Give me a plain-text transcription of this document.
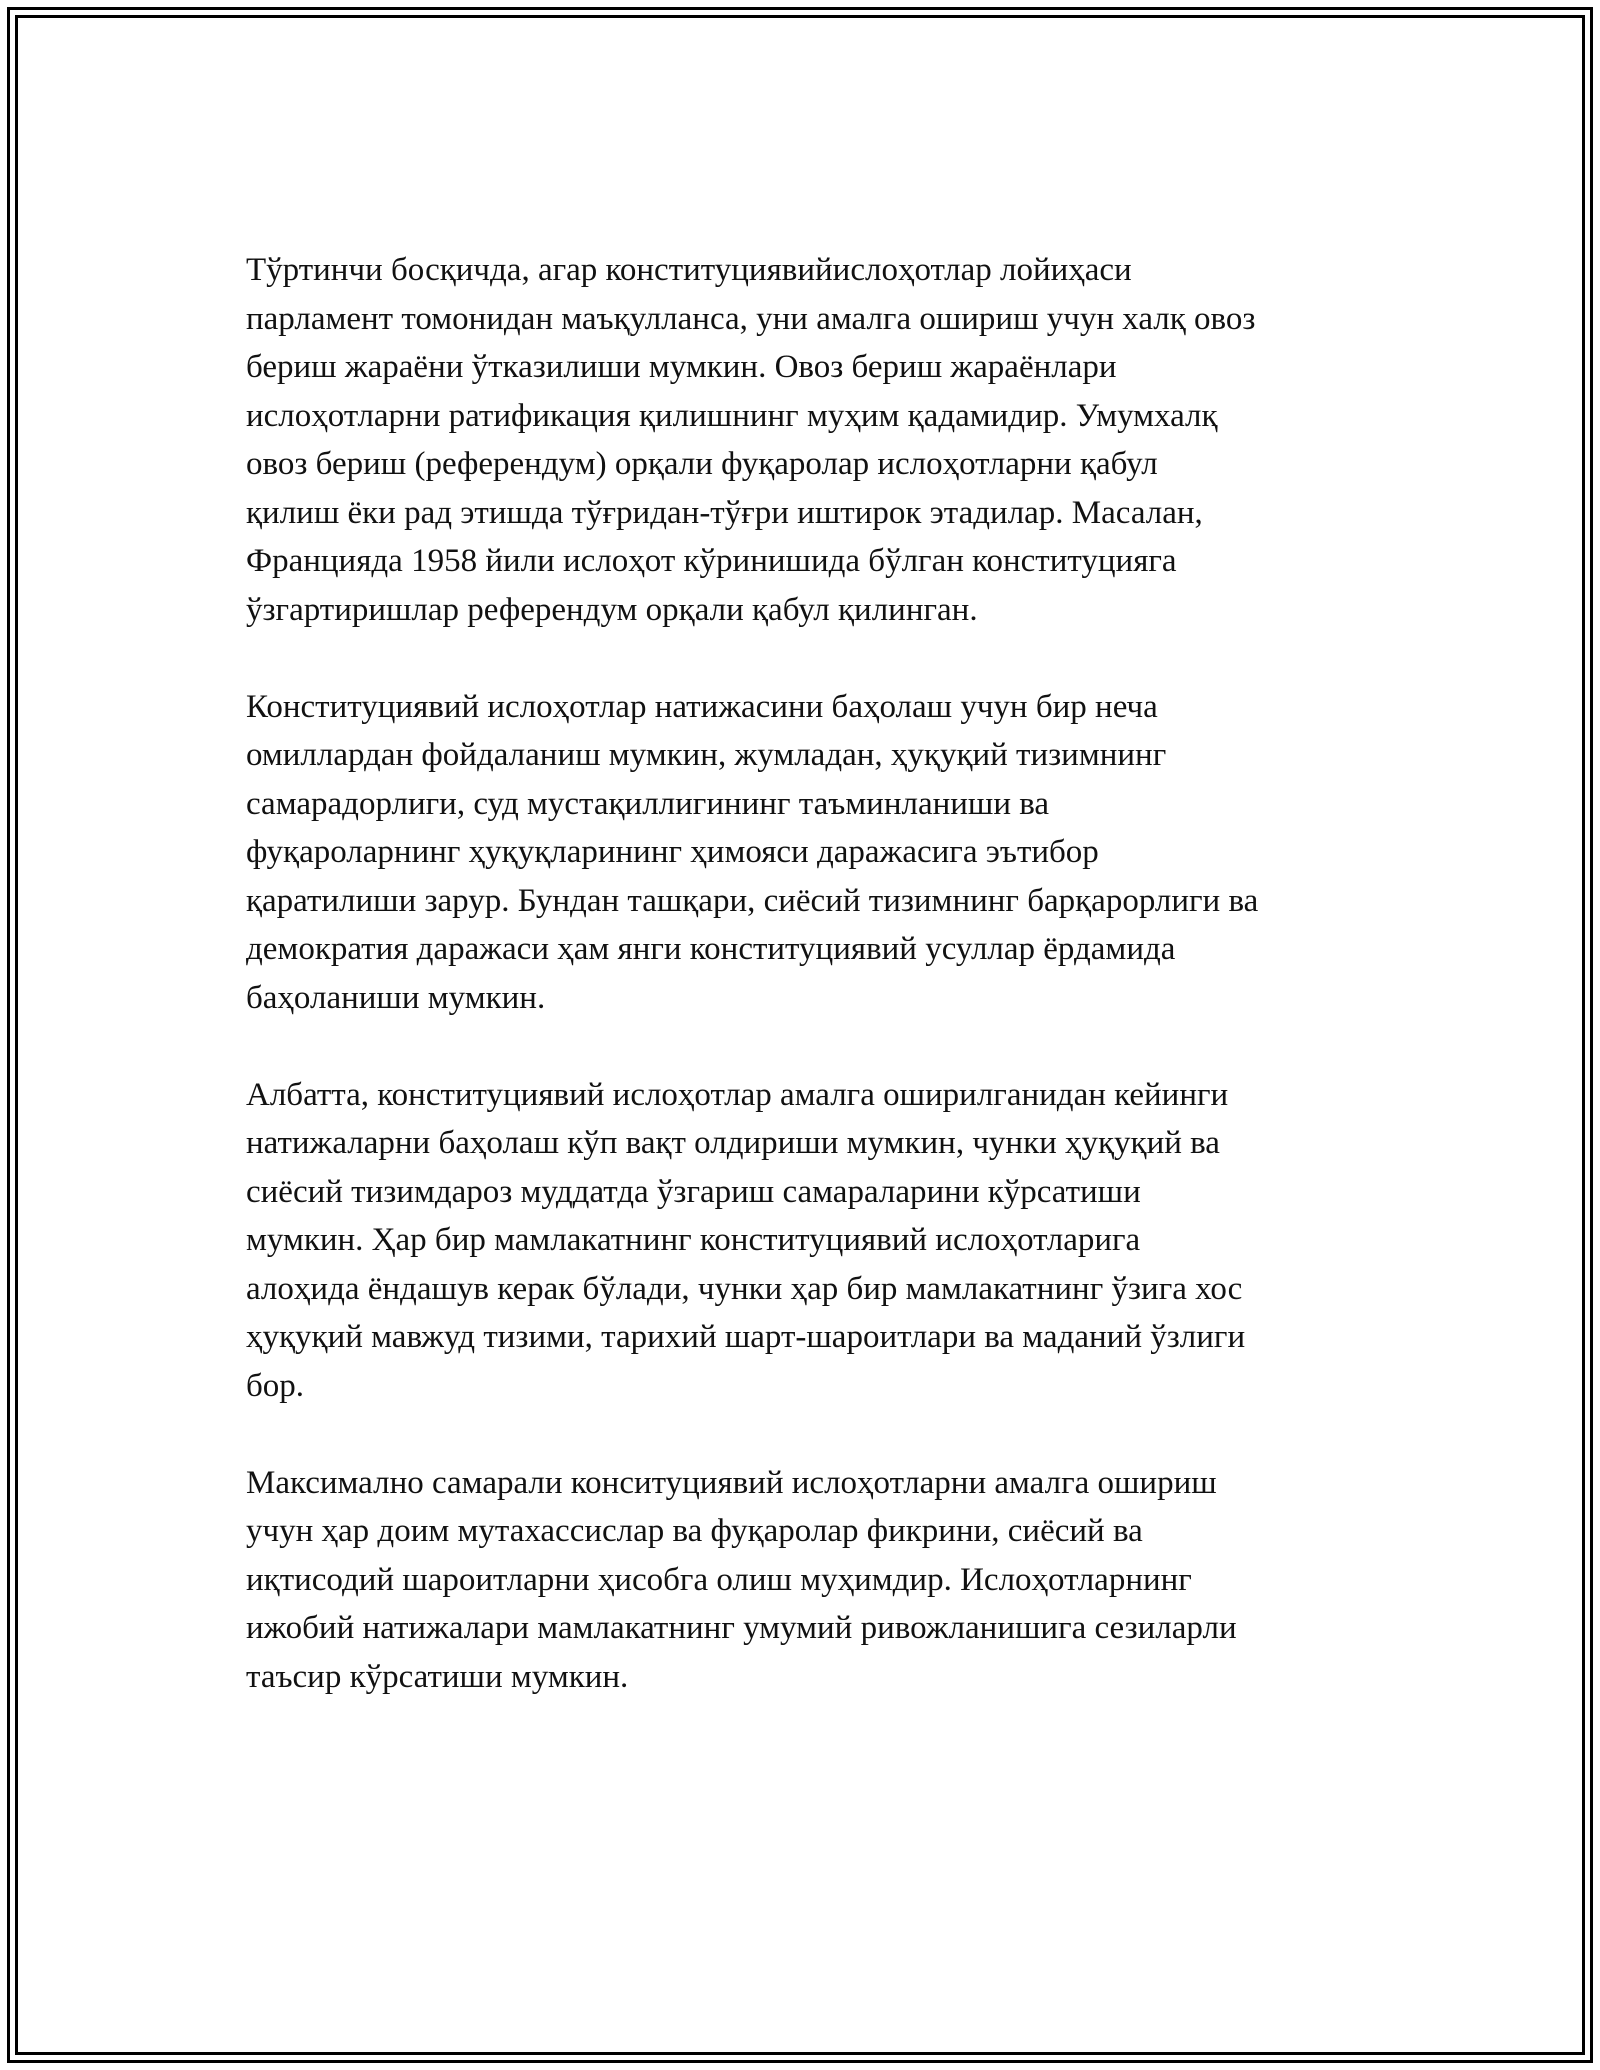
Тўртинчи босқичда, агар конституциявийислоҳотлар лойиҳаси
парламент томонидан маъқулланса, уни амалга ошириш учун халқ овоз
бериш жараёни ўтказилиши мумкин. Овоз бериш жараёнлари
ислоҳотларни ратификация қилишнинг муҳим қадамидир. Умумхалқ
овоз бериш (референдум) орқали фуқаролар ислоҳотларни қабул
қилиш ёки рад этишда тўғридан-тўғри иштирок этадилар. Масалан,
Францияда 1958 йили ислоҳот кўринишида бўлган конституцияга
ўзгартиришлар референдум орқали қабул қилинган.

Конституциявий ислоҳотлар натижасини баҳолаш учун бир неча
омиллардан фойдаланиш мумкин, жумладан, ҳуқуқий тизимнинг
самарадорлиги, суд мустақиллигининг таъминланиши ва
фуқароларнинг ҳуқуқларининг ҳимояси даражасига эътибор
қаратилиши зарур. Бундан ташқари, сиёсий тизимнинг барқарорлиги ва
демократия даражаси ҳам янги конституциявий усуллар ёрдамида
баҳоланиши мумкин.

Албатта, конституциявий ислоҳотлар амалга оширилганидан кейинги
натижаларни баҳолаш кўп вақт олдириши мумкин, чунки ҳуқуқий ва
сиёсий тизимдароз муддатда ўзгариш самараларини кўрсатиши
мумкин. Ҳар бир мамлакатнинг конституциявий ислоҳотларига
алоҳида ёндашув керак бўлади, чунки ҳар бир мамлакатнинг ўзига хос
ҳуқуқий мавжуд тизими, тарихий шарт-шароитлари ва маданий ўзлиги
бор.

Максимално самарали конситуциявий ислоҳотларни амалга ошириш
учун ҳар доим мутахассислар ва фуқаролар фикрини, сиёсий ва
иқтисодий шароитларни ҳисобга олиш муҳимдир. Ислоҳотларнинг
ижобий натижалари мамлакатнинг умумий ривожланишига сезиларли
таъсир кўрсатиши мумкин.
